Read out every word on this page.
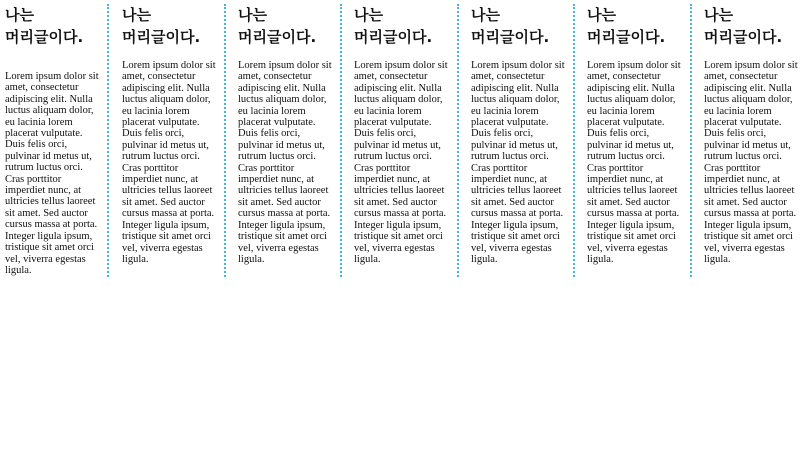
나는 머리글이다.

Lorem ipsum dolor sit amet, consectetur adipiscing elit. Nulla luctus aliquam dolor, eu lacinia lorem placerat vulputate. Duis felis orci, pulvinar id metus ut, rutrum luctus orci. Cras porttitor imperdiet nunc, at ultricies tellus laoreet sit amet. Sed auctor cursus massa at porta. Integer ligula ipsum, tristique sit amet orci vel, viverra egestas ligula.

나는 머리글이다.

Lorem ipsum dolor sit amet, consectetur adipiscing elit. Nulla luctus aliquam dolor, eu lacinia lorem placerat vulputate. Duis felis orci, pulvinar id metus ut, rutrum luctus orci. Cras porttitor imperdiet nunc, at ultricies tellus laoreet sit amet. Sed auctor cursus massa at porta. Integer ligula ipsum, tristique sit amet orci vel, viverra egestas ligula.

나는 머리글이다.

Lorem ipsum dolor sit amet, consectetur adipiscing elit. Nulla luctus aliquam dolor, eu lacinia lorem placerat vulputate. Duis felis orci, pulvinar id metus ut, rutrum luctus orci. Cras porttitor imperdiet nunc, at ultricies tellus laoreet sit amet. Sed auctor cursus massa at porta. Integer ligula ipsum, tristique sit amet orci vel, viverra egestas ligula.

나는 머리글이다.

Lorem ipsum dolor sit amet, consectetur adipiscing elit. Nulla luctus aliquam dolor, eu lacinia lorem placerat vulputate. Duis felis orci, pulvinar id metus ut, rutrum luctus orci. Cras porttitor imperdiet nunc, at ultricies tellus laoreet sit amet. Sed auctor cursus massa at porta. Integer ligula ipsum, tristique sit amet orci vel, viverra egestas ligula.

나는 머리글이다.

Lorem ipsum dolor sit amet, consectetur adipiscing elit. Nulla luctus aliquam dolor, eu lacinia lorem placerat vulputate. Duis felis orci, pulvinar id metus ut, rutrum luctus orci. Cras porttitor imperdiet nunc, at ultricies tellus laoreet sit amet. Sed auctor cursus massa at porta. Integer ligula ipsum, tristique sit amet orci vel, viverra egestas ligula.

나는 머리글이다.

Lorem ipsum dolor sit amet, consectetur adipiscing elit. Nulla luctus aliquam dolor, eu lacinia lorem placerat vulputate. Duis felis orci, pulvinar id metus ut, rutrum luctus orci. Cras porttitor imperdiet nunc, at ultricies tellus laoreet sit amet. Sed auctor cursus massa at porta. Integer ligula ipsum, tristique sit amet orci vel, viverra egestas ligula.

나는 머리글이다.

Lorem ipsum dolor sit amet, consectetur adipiscing elit. Nulla luctus aliquam dolor, eu lacinia lorem placerat vulputate. Duis felis orci, pulvinar id metus ut, rutrum luctus orci. Cras porttitor imperdiet nunc, at ultricies tellus laoreet sit amet. Sed auctor cursus massa at porta. Integer ligula ipsum, tristique sit amet orci vel, viverra egestas ligula.
